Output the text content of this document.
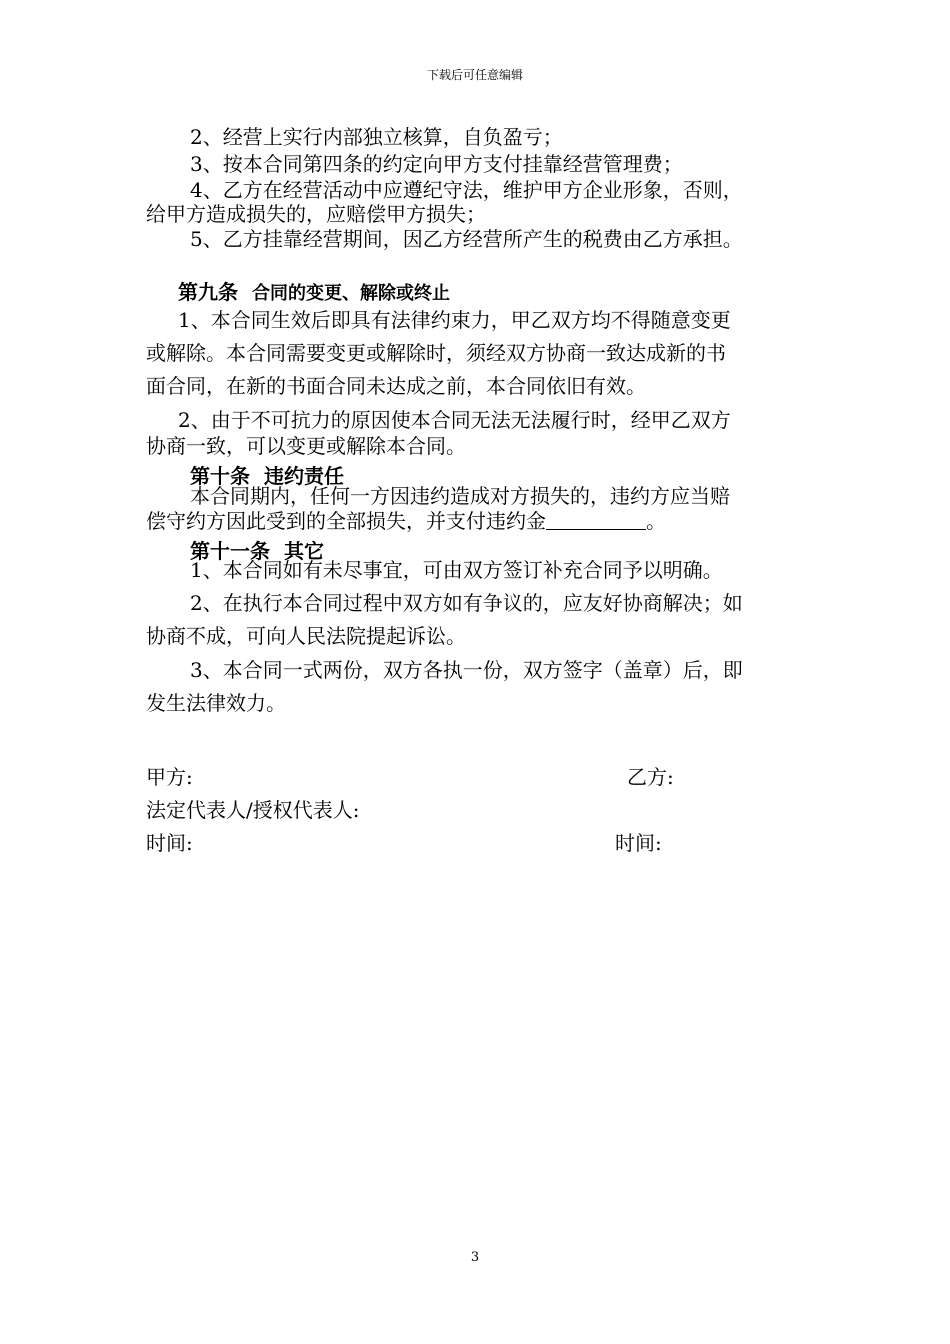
下载后可任意编辑
2、经营上实行内部独立核算，自负盈亏；
3、按本合同第四条的约定向甲方支付挂靠经营管理费；
4、乙方在经营活动中应遵纪守法，维护甲方企业形象，否则，
给甲方造成损失的，应赔偿甲方损失；
5、乙方挂靠经营期间，因乙方经营所产生的税费由乙方承担。
第九条 合同的变更、解除或终止
1、本合同生效后即具有法律约束力，甲乙双方均不得随意变更
或解除。本合同需要变更或解除时，须经双方协商一致达成新的书
面合同，在新的书面合同未达成之前，本合同依旧有效。
2、由于不可抗力的原因使本合同无法无法履行时，经甲乙双方
协商一致，可以变更或解除本合同。
第十条 违约责任
本合同期内，任何一方因违约造成对方损失的，违约方应当赔
偿守约方因此受到的全部损失，并支付违约金	。
第十一条 其它
1、本合同如有未尽事宜，可由双方签订补充合同予以明确。
2、在执行本合同过程中双方如有争议的，应友好协商解决；如
协商不成，可向人民法院提起诉讼。
3、本合同一式两份，双方各执一份，双方签字（盖章）后，即
发生法律效力。
甲方:	乙方:
法定代表人/授权代表人:
时间:	时间:
3
